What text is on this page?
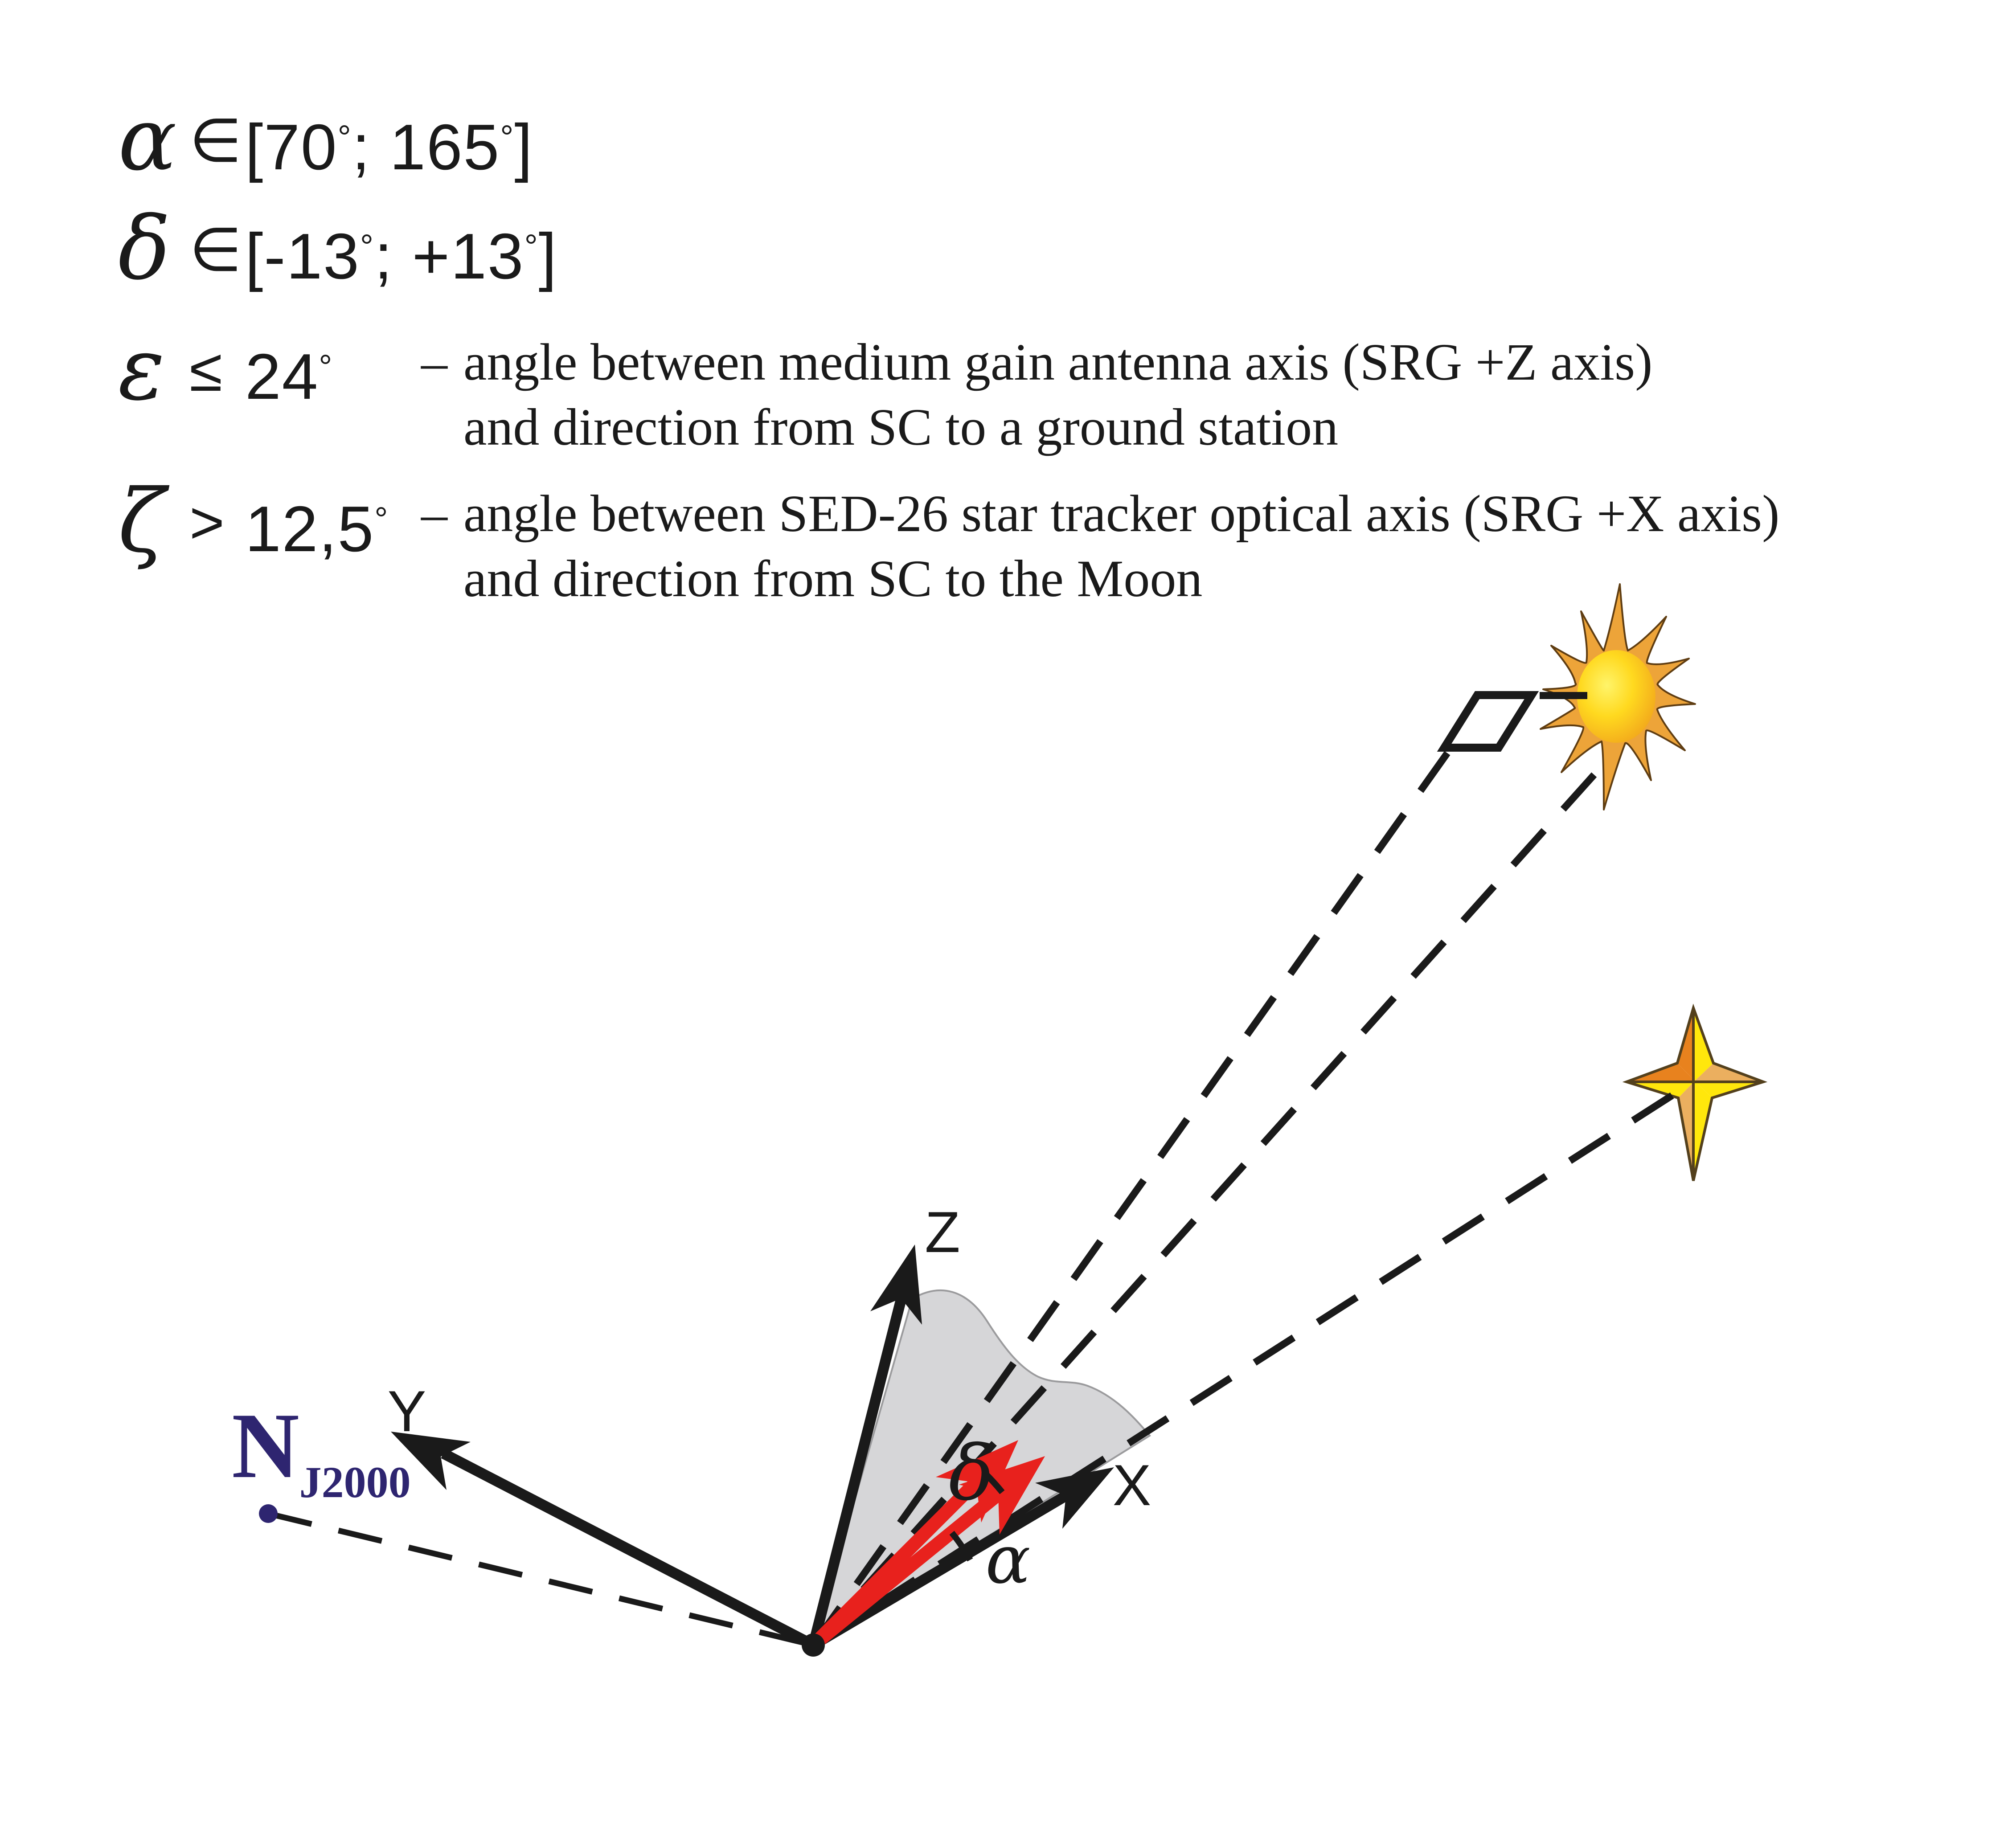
α ∈[70°; 165°]
δ ∈[-13°; +13°]
ε ≤ 24° – angle between medium gain antenna axis (SRG +Z axis)
and direction from SC to a ground station
ζ > 12,5° – angle between SED-26 star tracker optical axis (SRG +X axis)
and direction from SC to the Moon
Z
X
Y
δ
α
$N_{J2000}$
